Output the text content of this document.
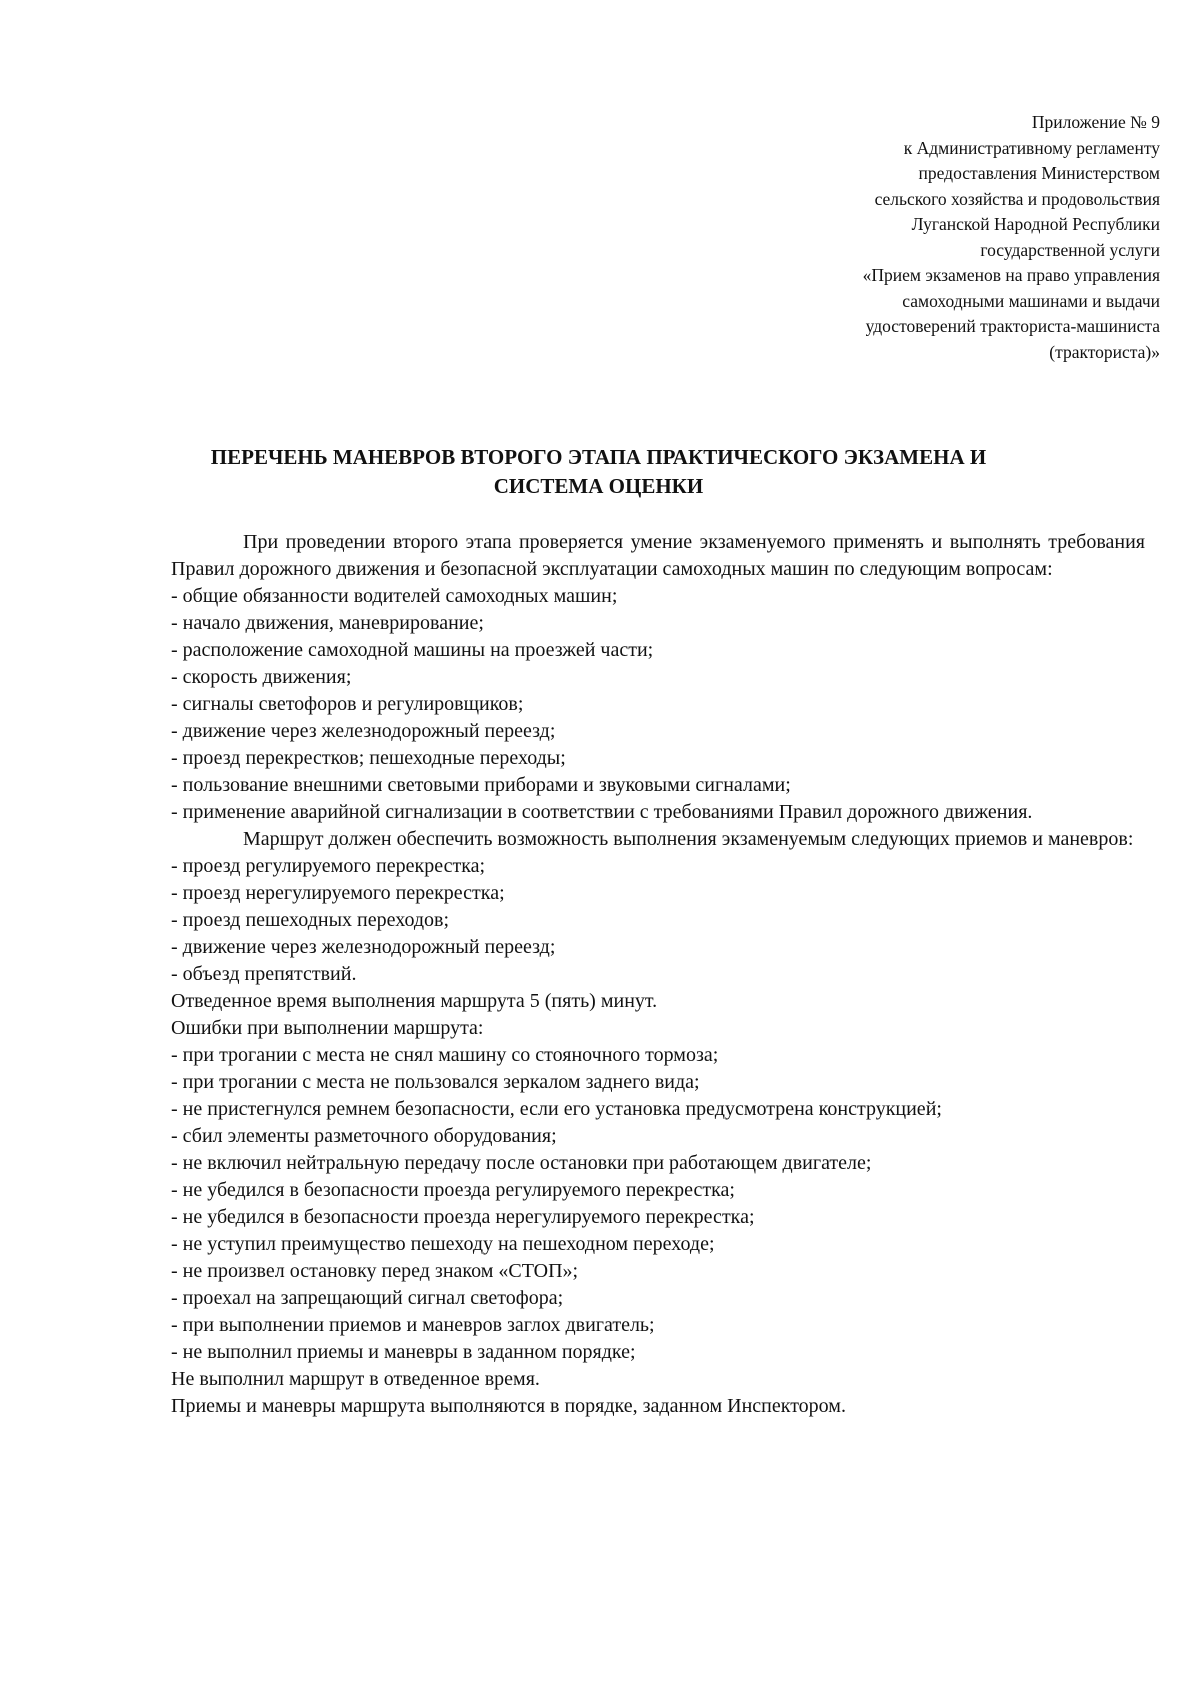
Приложение № 9
к Административному регламенту
предоставления Министерством
сельского хозяйства и продовольствия
Луганской Народной Республики
государственной услуги
«Прием экзаменов на право управления
самоходными машинами и выдачи
удостоверений тракториста-машиниста
(тракториста)»
ПЕРЕЧЕНЬ МАНЕВРОВ ВТОРОГО ЭТАПА ПРАКТИЧЕСКОГО ЭКЗАМЕНА И
СИСТЕМА ОЦЕНКИ

При проведении второго этапа проверяется умение экзаменуемого применять и выполнять требования Правил дорожного движения и безопасной эксплуатации самоходных машин по следующим вопросам:

- общие обязанности водителей самоходных машин;

- начало движения, маневрирование;

- расположение самоходной машины на проезжей части;

- скорость движения;

- сигналы светофоров и регулировщиков;

- движение через железнодорожный переезд;

- проезд перекрестков; пешеходные переходы;

- пользование внешними световыми приборами и звуковыми сигналами;

- применение аварийной сигнализации в соответствии с требованиями Правил дорожного движения.

Маршрут должен обеспечить возможность выполнения экзаменуемым следующих приемов и маневров:

- проезд регулируемого перекрестка;

- проезд нерегулируемого перекрестка;

- проезд пешеходных переходов;

- движение через железнодорожный переезд;

- объезд препятствий.

Отведенное время выполнения маршрута 5 (пять) минут.

Ошибки при выполнении маршрута:

- при трогании с места не снял машину со стояночного тормоза;

- при трогании с места не пользовался зеркалом заднего вида;

- не пристегнулся ремнем безопасности, если его установка предусмотрена конструкцией;

- сбил элементы разметочного оборудования;

- не включил нейтральную передачу после остановки при работающем двигателе;

- не убедился в безопасности проезда регулируемого перекрестка;

- не убедился в безопасности проезда нерегулируемого перекрестка;

- не уступил преимущество пешеходу на пешеходном переходе;

- не произвел остановку перед знаком «СТОП»;

- проехал на запрещающий сигнал светофора;

- при выполнении приемов и маневров заглох двигатель;

- не выполнил приемы и маневры в заданном порядке;

Не выполнил маршрут в отведенное время.

Приемы и маневры маршрута выполняются в порядке, заданном Инспектором.
